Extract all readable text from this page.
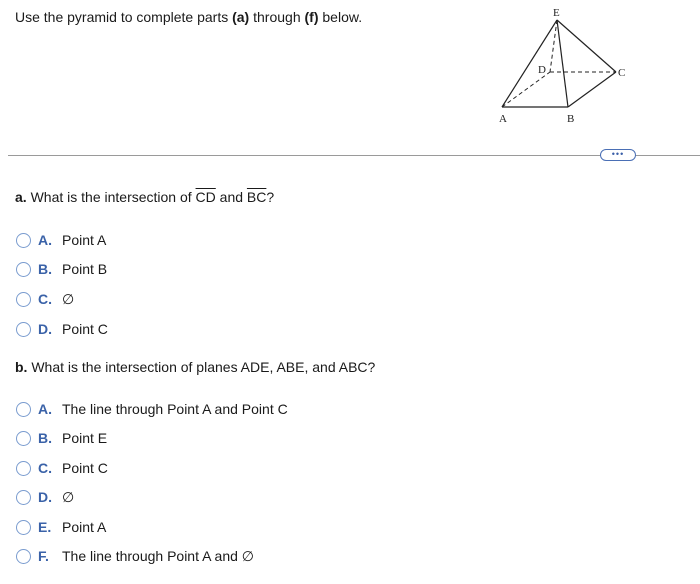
Use the pyramid to complete parts (a) through (f) below.	E
D	C
A	B
•••
a. What is the intersection of $\overline{CD}$ and $\overline{BC}$?
A. Point A
B. Point B
C. ∅
D. Point C
b. What is the intersection of planes ADE, ABE, and ABC?
A. The line through Point A and Point C
B. Point E
C. Point C
D. ∅
E. Point A
F. The line through Point A and ∅
